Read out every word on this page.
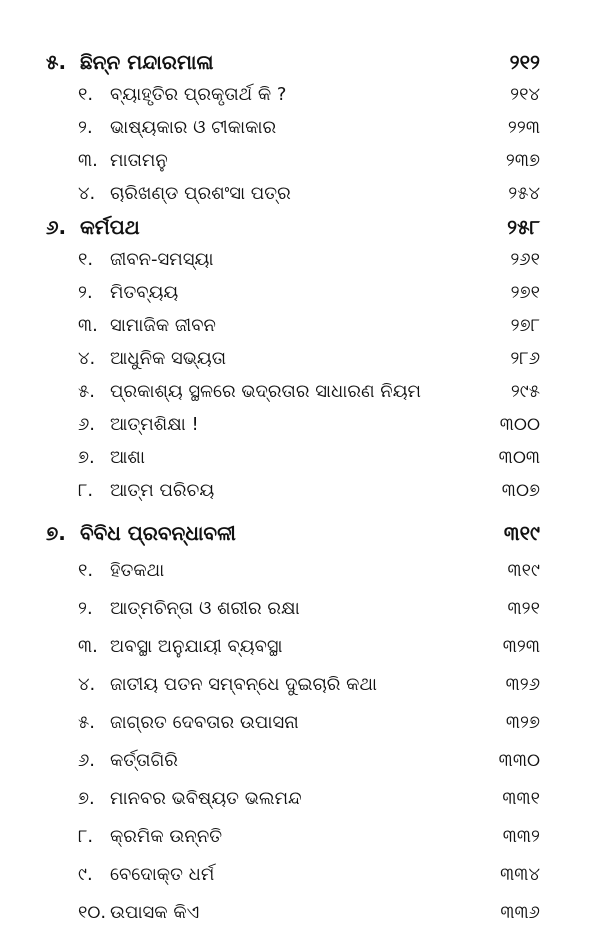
୫. ଛିନ୍ନ ମନ୍ଦାରମାଳା	୨୧୨
୧. ବ୍ୟାହୃତିର ପ୍ରକୃତାର୍ଥ କି ?	୨୧୪
୨. ଭାଷ୍ୟକାର ଓ ଟୀକାକାର	୨୨୩
୩. ମାତାମନୁ	୨୩୭
୪. ଚାରିଖଣ୍ଡ ପ୍ରଶଂସା ପତ୍ର	୨୫୪
୬. କର୍ମପଥ	୨୫୮
୧. ଜୀବନ-ସମସ୍ୟା	୨୬୧
୨. ମିତବ୍ୟୟ	୨୭୧
୩. ସାମାଜିକ ଜୀବନ	୨୭୮
୪. ଆଧୁନିକ ସଭ୍ୟତା	୨୮୬
୫. ପ୍ରକାଶ୍ୟ ସ୍ଥଳରେ ଭଦ୍ରତାର ସାଧାରଣ ନିୟମ	୨୯୫
୬. ଆତ୍ମଶିକ୍ଷା !	୩୦୦
୭. ଆଶା	୩୦୩
୮. ଆତ୍ମ ପରିଚୟ	୩୦୭
୭. ବିବିଧ ପ୍ରବନ୍ଧାବଳୀ	୩୧୯
୧. ହିତକଥା	୩୧୯
୨. ଆତ୍ମଚିନ୍ତା ଓ ଶରୀର ରକ୍ଷା	୩୨୧
୩. ଅବସ୍ଥା ଅନୁଯାୟୀ ବ୍ୟବସ୍ଥା	୩୨୩
୪. ଜାତୀୟ ପତନ ସମ୍ବନ୍ଧେ ଦୁଇଚାରି କଥା	୩୨୬
୫. ଜାଗ୍ରତ ଦେବତାର ଉପାସନା	୩୨୭
୬. କର୍ତ୍ତାଗିରି	୩୩୦
୭. ମାନବର ଭବିଷ୍ୟତ ଭଲମନ୍ଦ	୩୩୧
୮. କ୍ରମିକ ଉନ୍ନତି	୩୩୨
୯. ବେଦୋକ୍ତ ଧର୍ମ	୩୩୪
୧୦. ଉପାସକ କିଏ	୩୩୬
